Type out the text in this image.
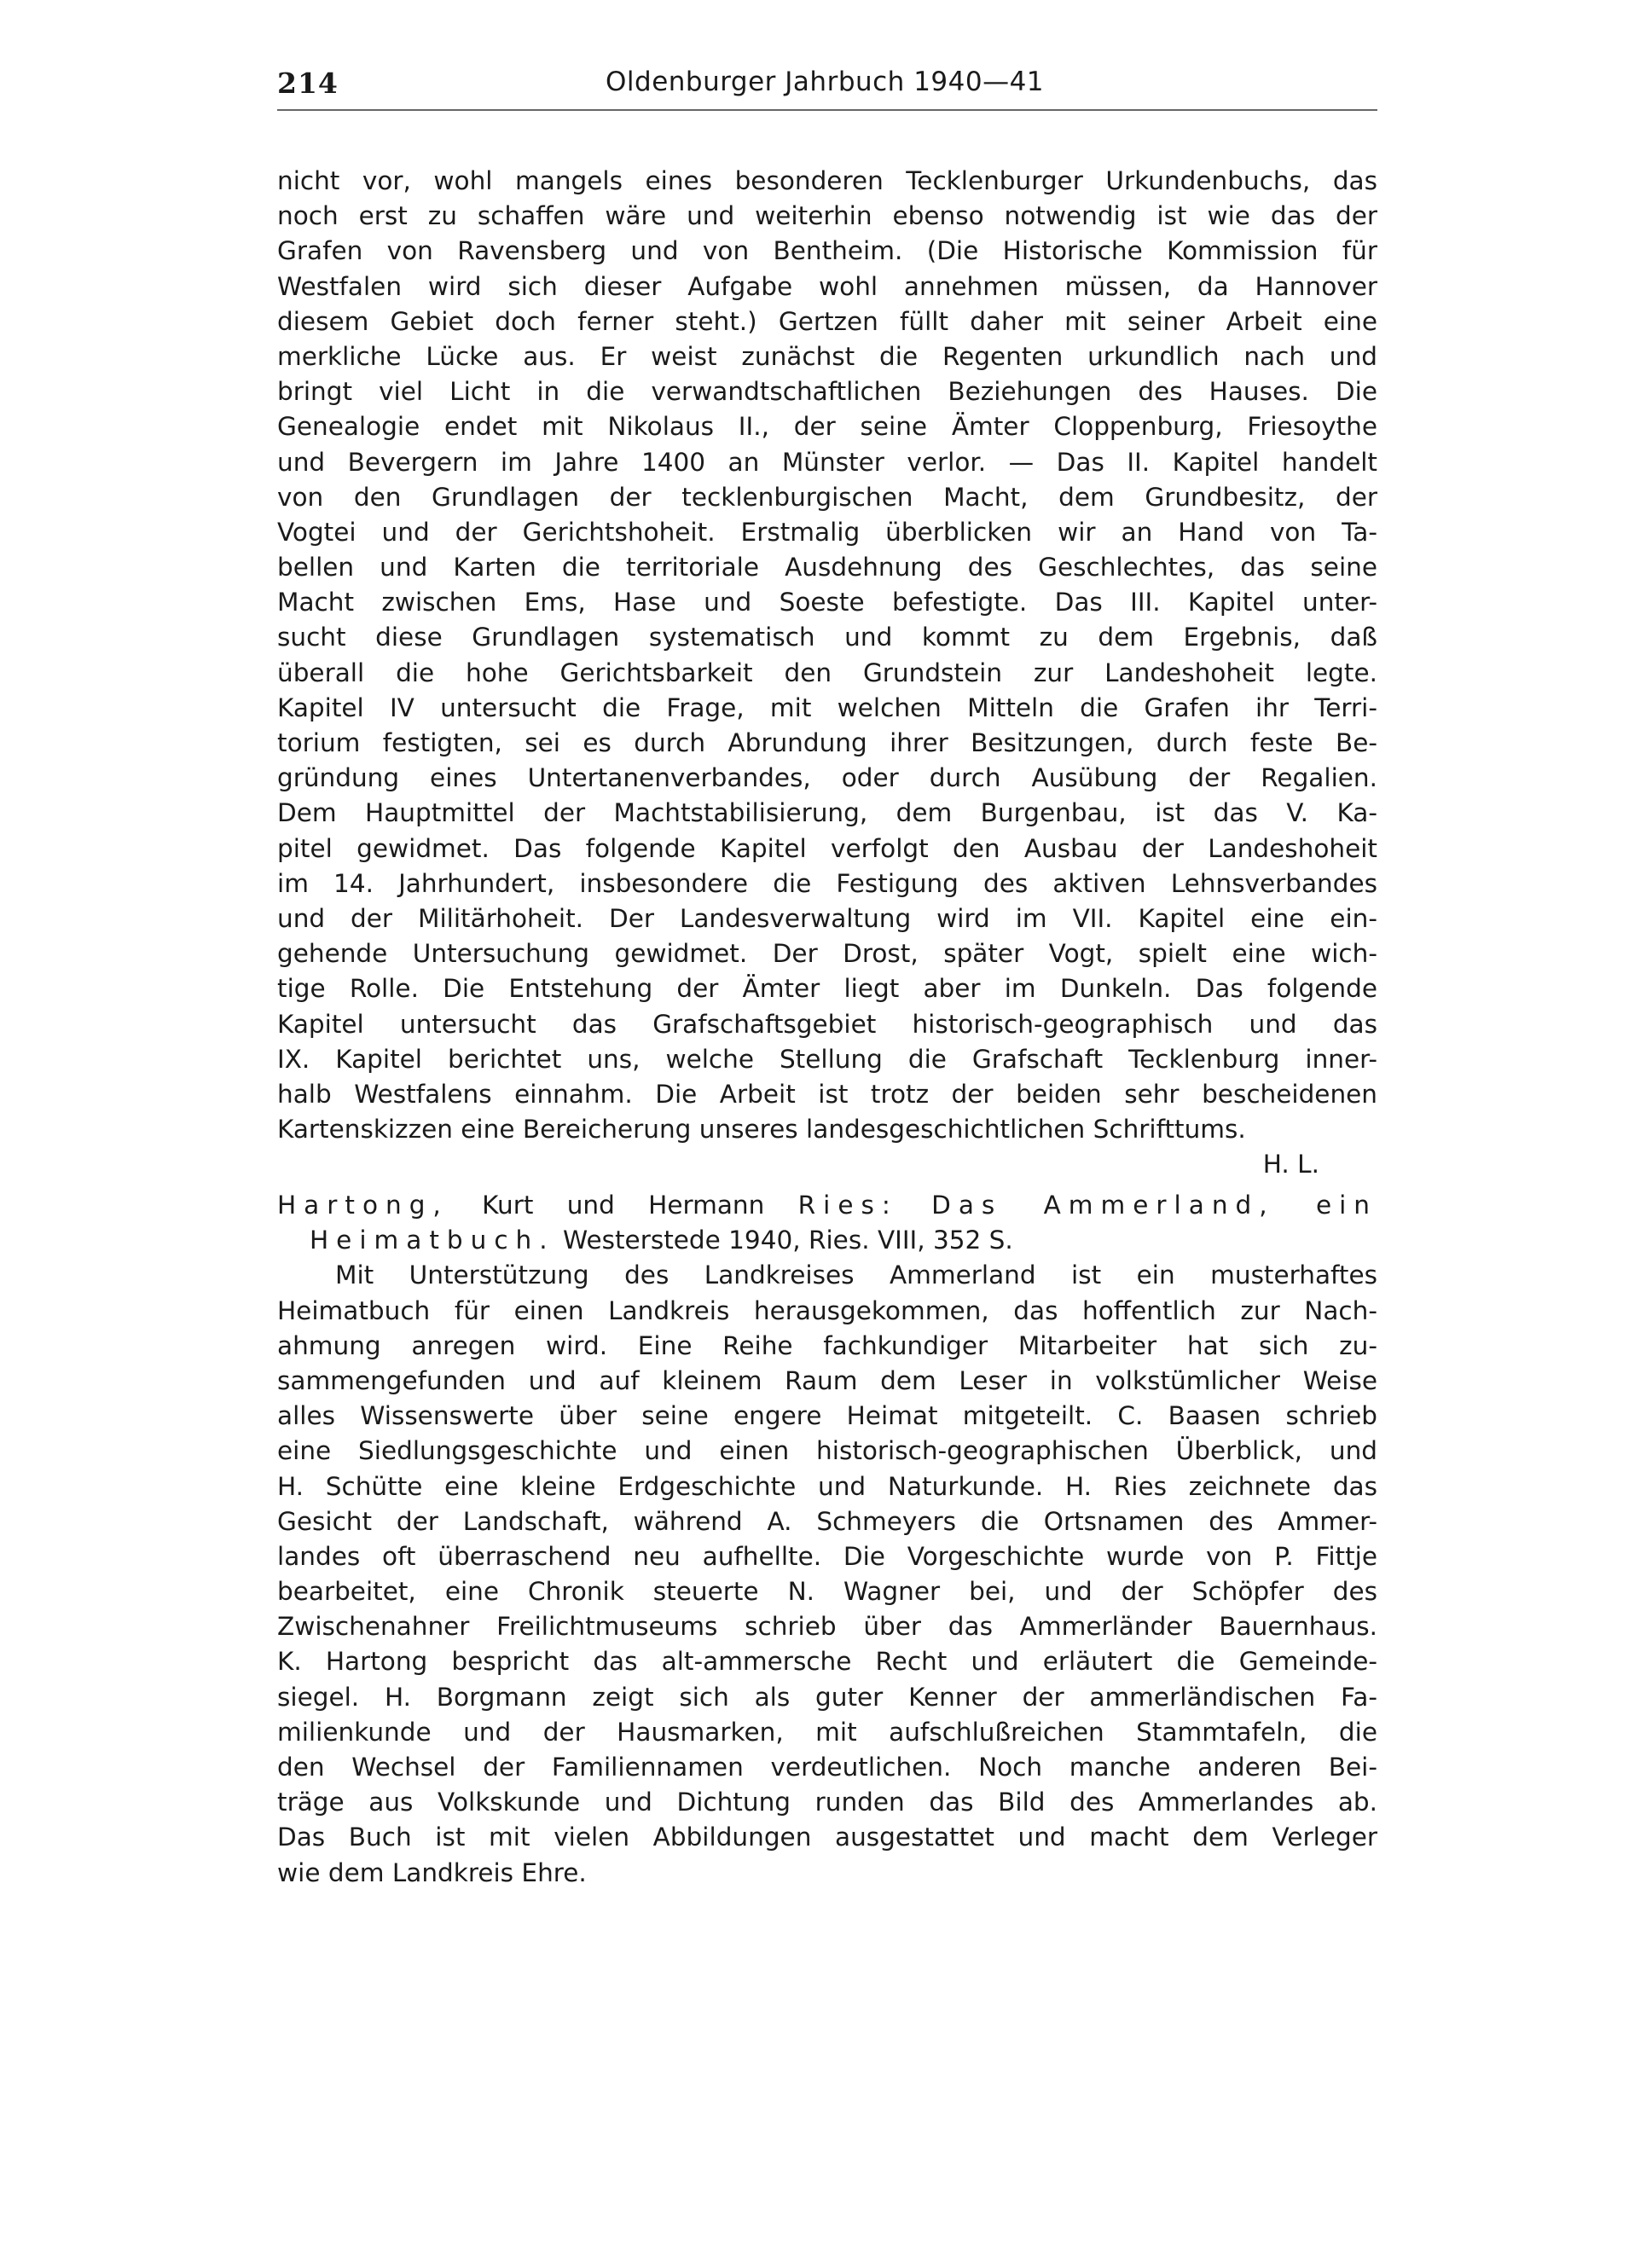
214	Oldenburger Jahrbuch 1940—41
nicht vor, wohl mangels eines besonderen Tecklenburger Urkundenbuchs, das
noch erst zu schaffen wäre und weiterhin ebenso notwendig ist wie das der
Grafen von Ravensberg und von Bentheim. (Die Historische Kommission für
Westfalen wird sich dieser Aufgabe wohl annehmen müssen, da Hannover
diesem Gebiet doch ferner steht.) Gertzen füllt daher mit seiner Arbeit eine
merkliche Lücke aus. Er weist zunächst die Regenten urkundlich nach und
bringt viel Licht in die verwandtschaftlichen Beziehungen des Hauses. Die
Genealogie endet mit Nikolaus II., der seine Ämter Cloppenburg, Friesoythe
und Bevergern im Jahre 1400 an Münster verlor. — Das II. Kapitel handelt
von den Grundlagen der tecklenburgischen Macht, dem Grundbesitz, der
Vogtei und der Gerichtshoheit. Erstmalig überblicken wir an Hand von Ta-
bellen und Karten die territoriale Ausdehnung des Geschlechtes, das seine
Macht zwischen Ems, Hase und Soeste befestigte. Das III. Kapitel unter-
sucht diese Grundlagen systematisch und kommt zu dem Ergebnis, daß
überall die hohe Gerichtsbarkeit den Grundstein zur Landeshoheit legte.
Kapitel IV untersucht die Frage, mit welchen Mitteln die Grafen ihr Terri-
torium festigten, sei es durch Abrundung ihrer Besitzungen, durch feste Be-
gründung eines Untertanenverbandes, oder durch Ausübung der Regalien.
Dem Hauptmittel der Machtstabilisierung, dem Burgenbau, ist das V. Ka-
pitel gewidmet. Das folgende Kapitel verfolgt den Ausbau der Landeshoheit
im 14. Jahrhundert, insbesondere die Festigung des aktiven Lehnsverbandes
und der Militärhoheit. Der Landesverwaltung wird im VII. Kapitel eine ein-
gehende Untersuchung gewidmet. Der Drost, später Vogt, spielt eine wich-
tige Rolle. Die Entstehung der Ämter liegt aber im Dunkeln. Das folgende
Kapitel untersucht das Grafschaftsgebiet historisch-geographisch und das
IX. Kapitel berichtet uns, welche Stellung die Grafschaft Tecklenburg inner-
halb Westfalens einnahm. Die Arbeit ist trotz der beiden sehr bescheidenen
Kartenskizzen eine Bereicherung unseres landesgeschichtlichen Schrifttums.
H. L.
Hartong, Kurt und Hermann Ries: Das Ammerland, ein
Heimatbuch. Westerstede 1940, Ries. VIII, 352 S.
Mit Unterstützung des Landkreises Ammerland ist ein musterhaftes
Heimatbuch für einen Landkreis herausgekommen, das hoffentlich zur Nach-
ahmung anregen wird. Eine Reihe fachkundiger Mitarbeiter hat sich zu-
sammengefunden und auf kleinem Raum dem Leser in volkstümlicher Weise
alles Wissenswerte über seine engere Heimat mitgeteilt. C. Baasen schrieb
eine Siedlungsgeschichte und einen historisch-geographischen Überblick, und
H. Schütte eine kleine Erdgeschichte und Naturkunde. H. Ries zeichnete das
Gesicht der Landschaft, während A. Schmeyers die Ortsnamen des Ammer-
landes oft überraschend neu aufhellte. Die Vorgeschichte wurde von P. Fittje
bearbeitet, eine Chronik steuerte N. Wagner bei, und der Schöpfer des
Zwischenahner Freilichtmuseums schrieb über das Ammerländer Bauernhaus.
K. Hartong bespricht das alt-ammersche Recht und erläutert die Gemeinde-
siegel. H. Borgmann zeigt sich als guter Kenner der ammerländischen Fa-
milienkunde und der Hausmarken, mit aufschlußreichen Stammtafeln, die
den Wechsel der Familiennamen verdeutlichen. Noch manche anderen Bei-
träge aus Volkskunde und Dichtung runden das Bild des Ammerlandes ab.
Das Buch ist mit vielen Abbildungen ausgestattet und macht dem Verleger
wie dem Landkreis Ehre.
